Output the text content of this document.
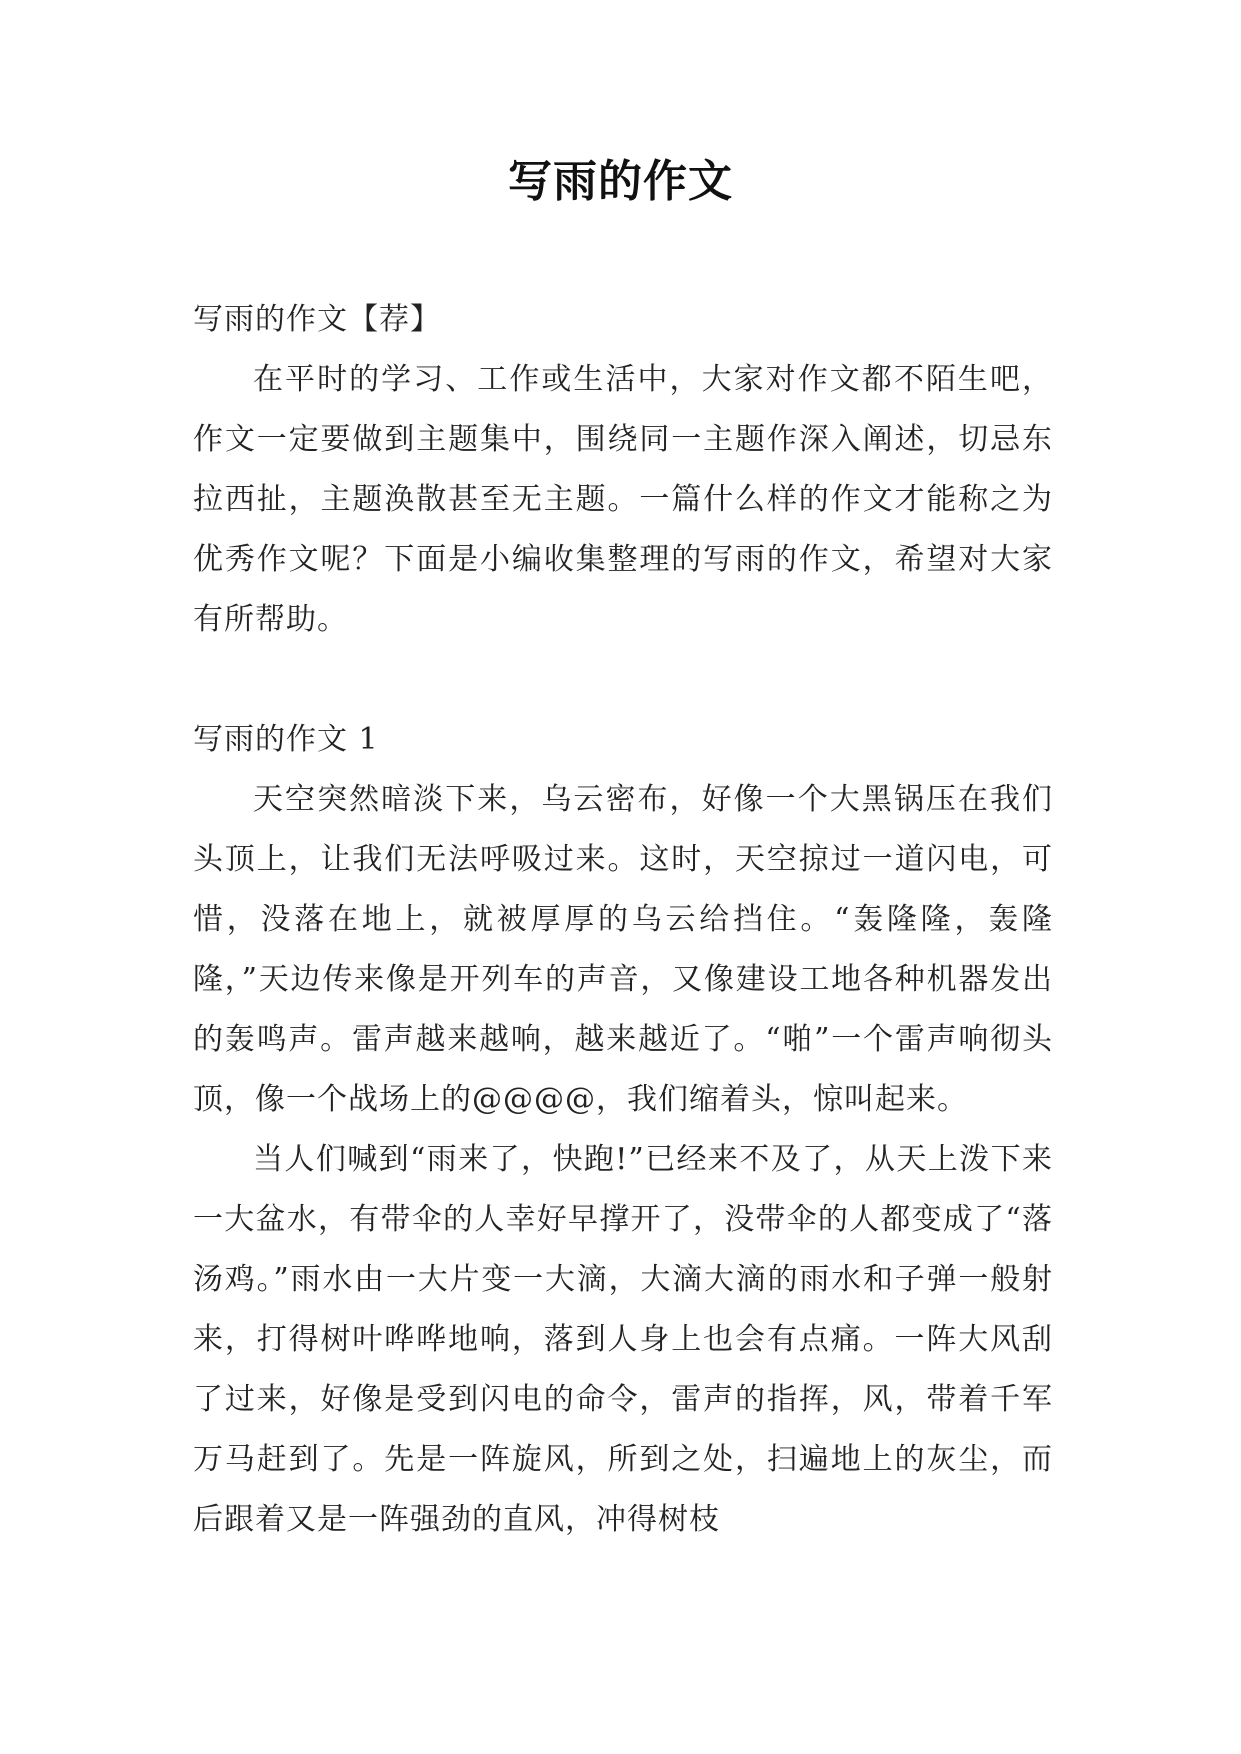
写雨的作文

写雨的作文【荐】

在平时的学习、工作或生活中，大家对作文都不陌生吧，作文一定要做到主题集中，围绕同一主题作深入阐述，切忌东拉西扯，主题涣散甚至无主题。一篇什么样的作文才能称之为优秀作文呢？下面是小编收集整理的写雨的作文，希望对大家有所帮助。

写雨的作文 1

天空突然暗淡下来，乌云密布，好像一个大黑锅压在我们头顶上，让我们无法呼吸过来。这时，天空掠过一道闪电，可惜，没落在地上，就被厚厚的乌云给挡住。“轰隆隆，轰隆隆，”天边传来像是开列车的声音，又像建设工地各种机器发出的轰鸣声。雷声越来越响，越来越近了。“啪”一个雷声响彻头顶，像一个战场上的@@@@，我们缩着头，惊叫起来。

当人们喊到“雨来了，快跑!”已经来不及了，从天上泼下来一大盆水，有带伞的人幸好早撑开了，没带伞的人都变成了“落汤鸡。”雨水由一大片变一大滴，大滴大滴的雨水和子弹一般射来，打得树叶哗哗地响，落到人身上也会有点痛。一阵大风刮了过来，好像是受到闪电的命令，雷声的指挥，风，带着千军万马赶到了。先是一阵旋风，所到之处，扫遍地上的灰尘，而后跟着又是一阵强劲的直风，冲得树枝
